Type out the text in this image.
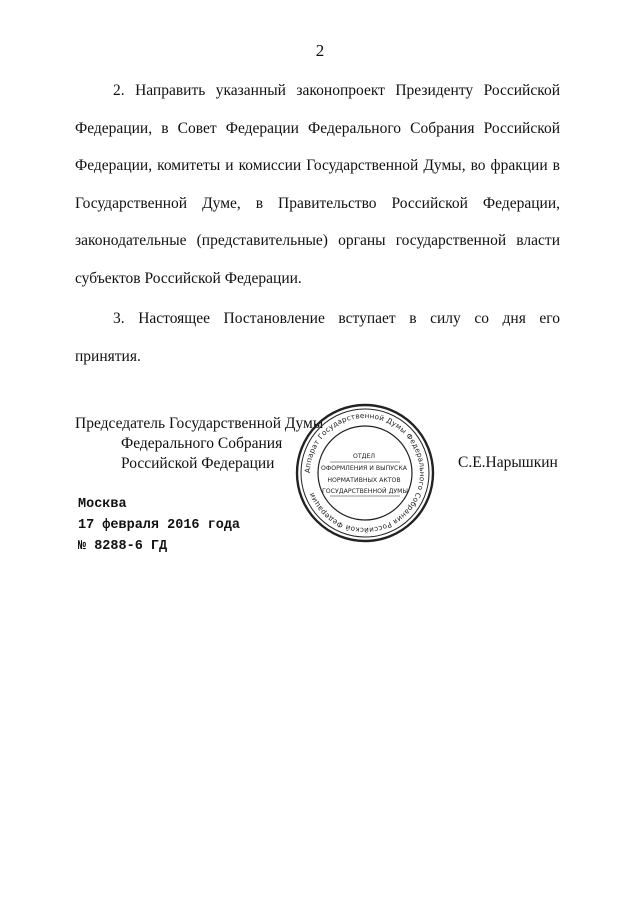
2
2. Направить указанный законопроект Президенту Российской
Федерации, в Совет Федерации Федерального Собрания Российской
Федерации, комитеты и комиссии Государственной Думы, во фракции в
Государственной Думе, в Правительство Российской Федерации,
законодательные (представительные) органы государственной власти
субъектов Российской Федерации.
3. Настоящее Постановление вступает в силу со дня его
принятия.
Председатель Государственной Думы
Федерального Собрания
Российской Федерации	Аппарат Государственной Думы Федерального Собрания Российской Федерации
ОТДЕЛ ОФОРМЛЕНИЯ И ВЫПУСКА НОРМАТИВНЫХ АКТОВ ГОСУДАРСТВЕННОЙ ДУМЫ
С.Е.Нарышкин
Москва
17 февраля 2016 года
№ 8288-6 ГД
